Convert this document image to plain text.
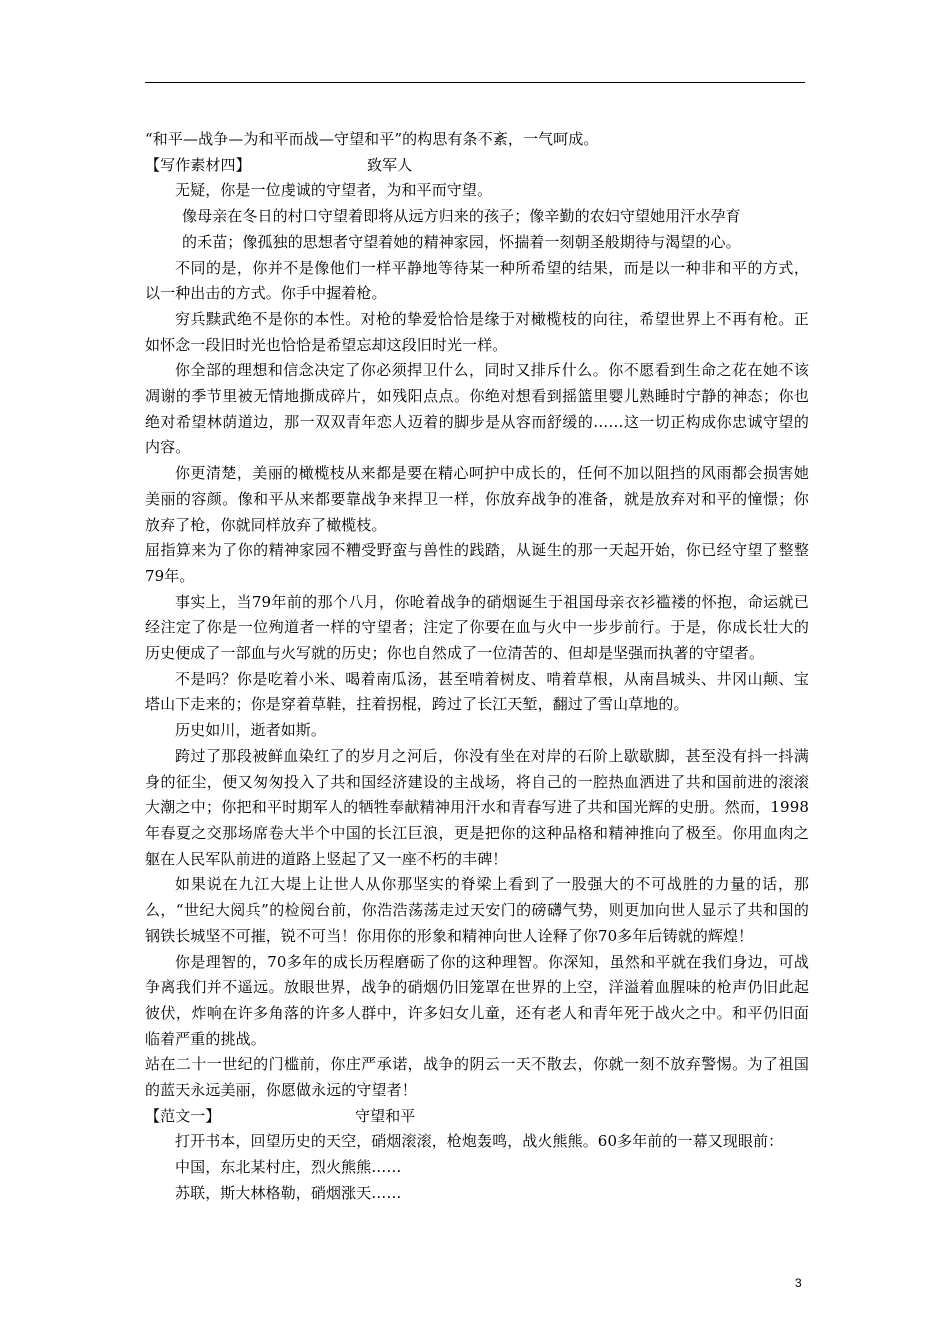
“和平—战争—为和平而战—守望和平”的构思有条不紊，一气呵成。

【写作素材四】	致军人

无疑，你是一位虔诚的守望者，为和平而守望。

像母亲在冬日的村口守望着即将从远方归来的孩子；像辛勤的农妇守望她用汗水孕育

的禾苗；像孤独的思想者守望着她的精神家园，怀揣着一刻朝圣般期待与渴望的心。

不同的是，你并不是像他们一样平静地等待某一种所希望的结果，而是以一种非和平的方式，以一种出击的方式。你手中握着枪。

穷兵黩武绝不是你的本性。对枪的挚爱恰恰是缘于对橄榄枝的向往，希望世界上不再有枪。正如怀念一段旧时光也恰恰是希望忘却这段旧时光一样。

你全部的理想和信念决定了你必须捍卫什么，同时又排斥什么。你不愿看到生命之花在她不该凋谢的季节里被无情地撕成碎片，如残阳点点。你绝对想看到摇篮里婴儿熟睡时宁静的神态；你也绝对希望林荫道边，那一双双青年恋人迈着的脚步是从容而舒缓的……这一切正构成你忠诚守望的内容。

你更清楚，美丽的橄榄枝从来都是要在精心呵护中成长的，任何不加以阻挡的风雨都会损害她美丽的容颜。像和平从来都要靠战争来捍卫一样，你放弃战争的准备，就是放弃对和平的憧憬；你放弃了枪，你就同样放弃了橄榄枝。

屈指算来为了你的精神家园不糟受野蛮与兽性的践踏，从诞生的那一天起开始，你已经守望了整整79年。

事实上，当79年前的那个八月，你呛着战争的硝烟诞生于祖国母亲衣衫褴褛的怀抱，命运就已经注定了你是一位殉道者一样的守望者；注定了你要在血与火中一步步前行。于是，你成长壮大的历史便成了一部血与火写就的历史；你也自然成了一位清苦的、但却是坚强而执著的守望者。

不是吗？你是吃着小米、喝着南瓜汤，甚至啃着树皮、啃着草根，从南昌城头、井冈山颠、宝塔山下走来的；你是穿着草鞋，拄着拐棍，跨过了长江天堑，翻过了雪山草地的。

历史如川，逝者如斯。

跨过了那段被鲜血染红了的岁月之河后，你没有坐在对岸的石阶上歇歇脚，甚至没有抖一抖满身的征尘，便又匆匆投入了共和国经济建设的主战场，将自己的一腔热血洒进了共和国前进的滚滚大潮之中；你把和平时期军人的牺牲奉献精神用汗水和青春写进了共和国光辉的史册。然而，1998年春夏之交那场席卷大半个中国的长江巨浪，更是把你的这种品格和精神推向了极至。你用血肉之躯在人民军队前进的道路上竖起了又一座不朽的丰碑！

如果说在九江大堤上让世人从你那坚实的脊梁上看到了一股强大的不可战胜的力量的话，那么，“世纪大阅兵”的检阅台前，你浩浩荡荡走过天安门的磅礴气势，则更加向世人显示了共和国的钢铁长城坚不可摧，锐不可当！你用你的形象和精神向世人诠释了你70多年后铸就的辉煌！

你是理智的，70多年的成长历程磨砺了你的这种理智。你深知，虽然和平就在我们身边，可战争离我们并不遥远。放眼世界，战争的硝烟仍旧笼罩在世界的上空，洋溢着血腥味的枪声仍旧此起彼伏，炸响在许多角落的许多人群中，许多妇女儿童，还有老人和青年死于战火之中。和平仍旧面临着严重的挑战。

站在二十一世纪的门槛前，你庄严承诺，战争的阴云一天不散去，你就一刻不放弃警惕。为了祖国的蓝天永远美丽，你愿做永远的守望者！

【范文一】	守望和平

打开书本，回望历史的天空，硝烟滚滚，枪炮轰鸣，战火熊熊。60多年前的一幕又现眼前：

中国，东北某村庄，烈火熊熊……

苏联，斯大林格勒，硝烟涨天……

3
